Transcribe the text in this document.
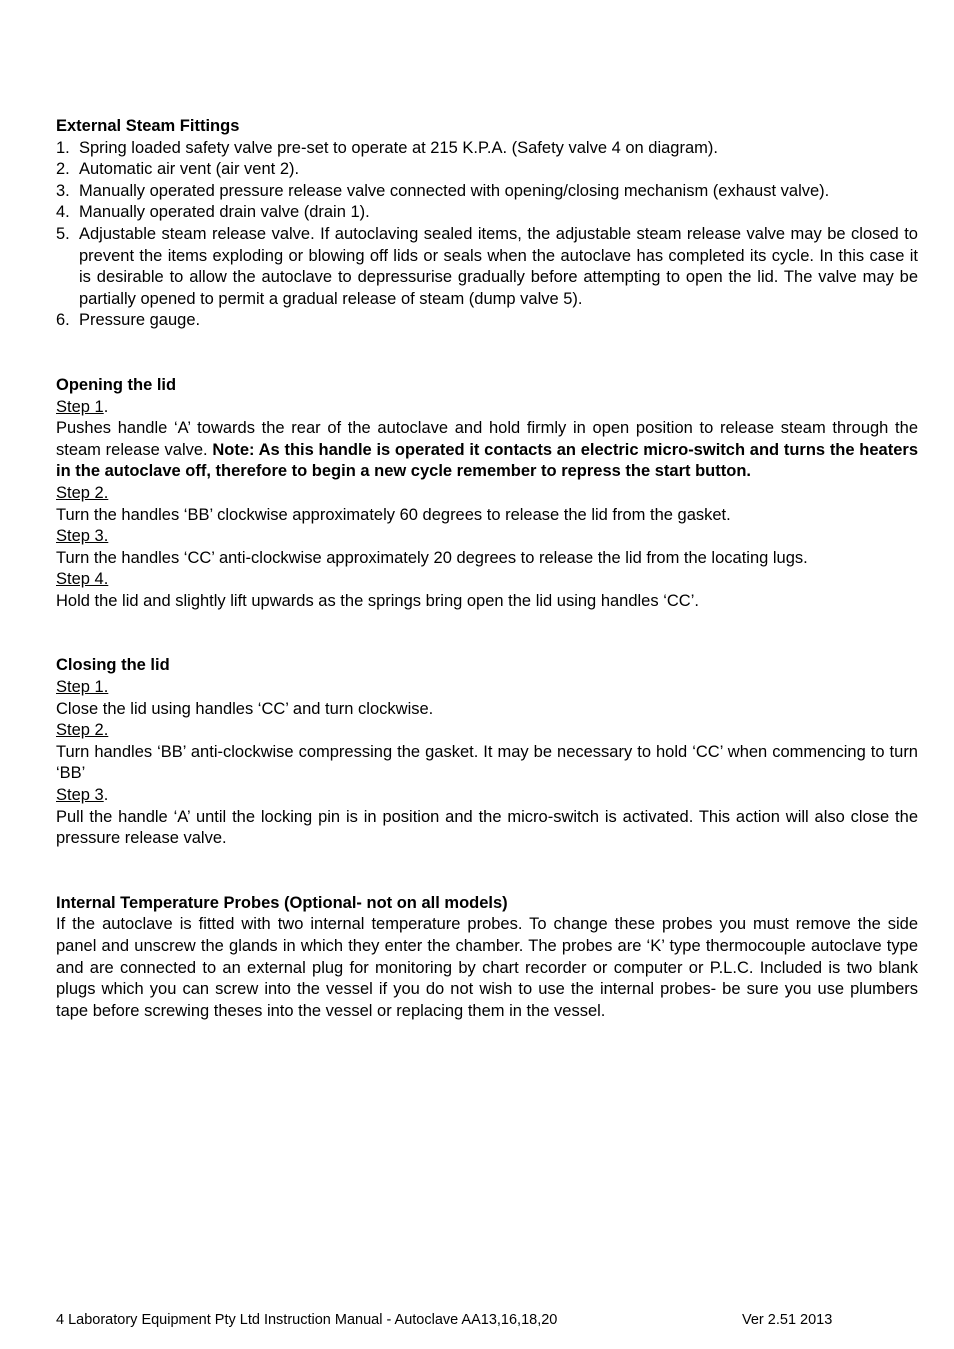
External Steam Fittings
1. Spring loaded safety valve pre-set to operate at 215 K.P.A. (Safety valve 4 on diagram).
2. Automatic air vent (air vent 2).
3. Manually operated pressure release valve connected with opening/closing mechanism (exhaust valve).
4. Manually operated drain valve (drain 1).
5. Adjustable steam release valve. If autoclaving sealed items, the adjustable steam release valve may be closed to prevent the items exploding or blowing off lids or seals when the autoclave has completed its cycle. In this case it is desirable to allow the autoclave to depressurise gradually before attempting to open the lid. The valve may be partially opened to permit a gradual release of steam (dump valve 5).
6. Pressure gauge.
Opening the lid
Step 1.

Pushes handle ‘A’ towards the rear of the autoclave and hold firmly in open position to release steam through the steam release valve. Note: As this handle is operated it contacts an electric micro-switch and turns the heaters in the autoclave off, therefore to begin a new cycle remember to repress the start button.

Step 2.

Turn the handles ‘BB’ clockwise approximately 60 degrees to release the lid from the gasket.

Step 3.

Turn the handles ‘CC’ anti-clockwise approximately 20 degrees to release the lid from the locating lugs.

Step 4.

Hold the lid and slightly lift upwards as the springs bring open the lid using handles ‘CC’.

Closing the lid
Step 1.

Close the lid using handles ‘CC’ and turn clockwise.

Step 2.

Turn handles ‘BB’ anti-clockwise compressing the gasket. It may be necessary to hold ‘CC’ when commencing to turn ‘BB’

Step 3.

Pull the handle ‘A’ until the locking pin is in position and the micro-switch is activated. This action will also close the pressure release valve.

Internal Temperature Probes (Optional- not on all models)

If the autoclave is fitted with two internal temperature probes. To change these probes you must remove the side panel and unscrew the glands in which they enter the chamber. The probes are ‘K’ type thermocouple autoclave type and are connected to an external plug for monitoring by chart recorder or computer or P.L.C. Included is two blank plugs which you can screw into the vessel if you do not wish to use the internal probes- be sure you use plumbers tape before screwing theses into the vessel or replacing them in the vessel.

4 Laboratory Equipment Pty Ltd Instruction Manual - Autoclave AA13,16,18,20	Ver 2.51 2013
